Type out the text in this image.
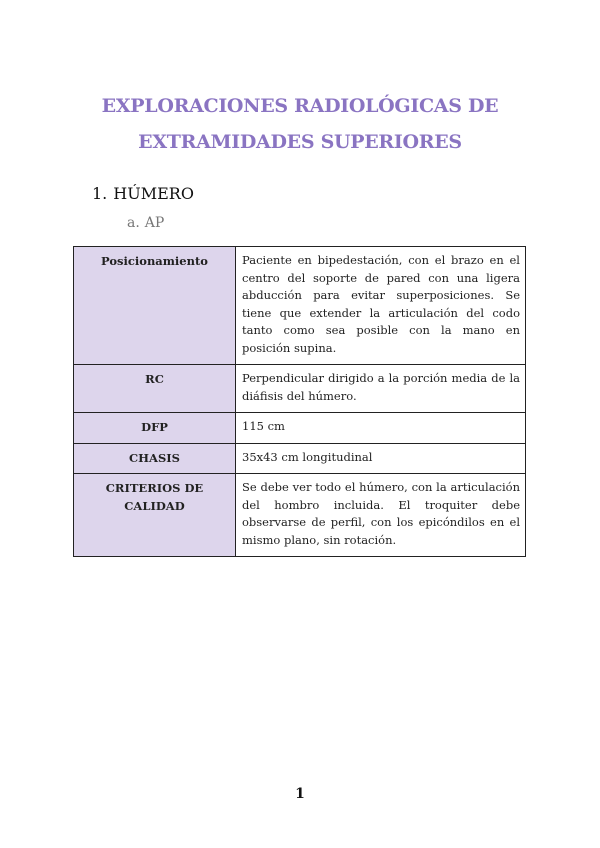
EXPLORACIONES RADIOLÓGICAS DE
EXTRAMIDADES SUPERIORES
1. HÚMERO
a. AP
Posicionamiento	Paciente en bipedestación, con el brazo en el centro del soporte de pared con una ligera abducción para evitar superposiciones. Se tiene que extender la articulación del codo tanto como sea posible con la mano en posición supina.
RC	Perpendicular dirigido a la porción media de la diáfisis del húmero.
DFP	115 cm
CHASIS	35x43 cm longitudinal
CRITERIOS DE CALIDAD	Se debe ver todo el húmero, con la articulación del hombro incluida. El troquiter debe observarse de perfil, con los epicóndilos en el mismo plano, sin rotación.
1
